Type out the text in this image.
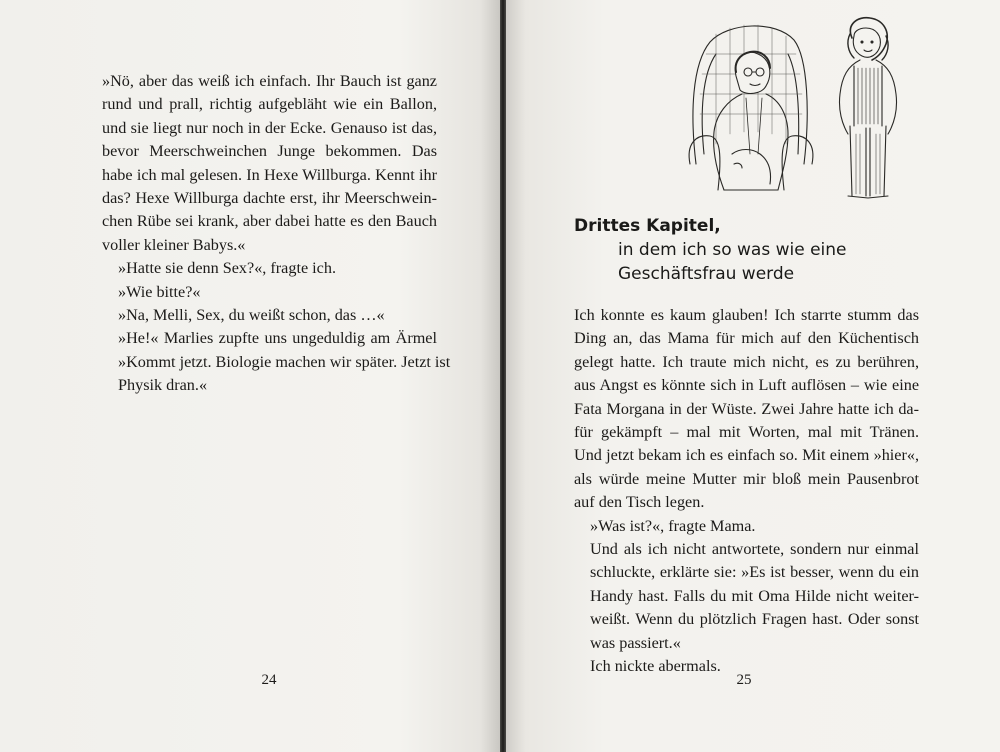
»Nö, aber das weiß ich einfach. Ihr Bauch ist ganz
rund und prall, richtig aufgebläht wie ein Ballon,
und sie liegt nur noch in der Ecke. Genauso ist das,
bevor Meerschweinchen Junge bekommen. Das
habe ich mal gelesen. In Hexe Willburga. Kennt ihr
das? Hexe Willburga dachte erst, ihr Meerschwein-
chen Rübe sei krank, aber dabei hatte es den Bauch
voller kleiner Babys.«

»Hatte sie denn Sex?«, fragte ich.

»Wie bitte?«

»Na, Melli, Sex, du weißt schon, das …«

»He!« Marlies zupfte uns ungeduldig am Ärmel
»Kommt jetzt. Biologie machen wir später. Jetzt ist
Physik dran.«

24
Drittes Kapitel,
in dem ich so was wie eine
Geschäftsfrau werde

Ich konnte es kaum glauben! Ich starrte stumm das
Ding an, das Mama für mich auf den Küchentisch
gelegt hatte. Ich traute mich nicht, es zu berühren,
aus Angst es könnte sich in Luft auflösen – wie eine
Fata Morgana in der Wüste. Zwei Jahre hatte ich da-
für gekämpft – mal mit Worten, mal mit Tränen.
Und jetzt bekam ich es einfach so. Mit einem »hier«,
als würde meine Mutter mir bloß mein Pausenbrot
auf den Tisch legen.

»Was ist?«, fragte Mama.

Und als ich nicht antwortete, sondern nur einmal
schluckte, erklärte sie: »Es ist besser, wenn du ein
Handy hast. Falls du mit Oma Hilde nicht weiter-
weißt. Wenn du plötzlich Fragen hast. Oder sonst
was passiert.«

Ich nickte abermals.

25
